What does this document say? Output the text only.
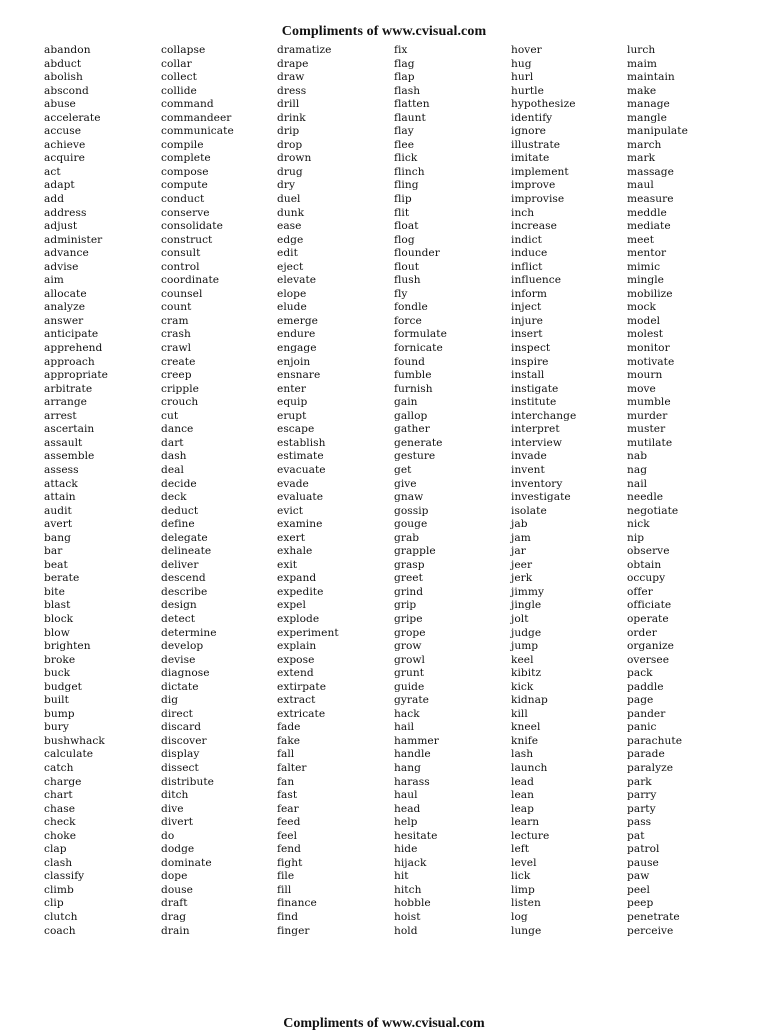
Compliments of www.cvisual.com
abandon
abduct
abolish
abscond
abuse
accelerate
accuse
achieve
acquire
act
adapt
add
address
adjust
administer
advance
advise
aim
allocate
analyze
answer
anticipate
apprehend
approach
appropriate
arbitrate
arrange
arrest
ascertain
assault
assemble
assess
attack
attain
audit
avert
bang
bar
beat
berate
bite
blast
block
blow
brighten
broke
buck
budget
built
bump
bury
bushwhack
calculate
catch
charge
chart
chase
check
choke
clap
clash
classify
climb
clip
clutch
coach
collapse
collar
collect
collide
command
commandeer
communicate
compile
complete
compose
compute
conduct
conserve
consolidate
construct
consult
control
coordinate
counsel
count
cram
crash
crawl
create
creep
cripple
crouch
cut
dance
dart
dash
deal
decide
deck
deduct
define
delegate
delineate
deliver
descend
describe
design
detect
determine
develop
devise
diagnose
dictate
dig
direct
discard
discover
display
dissect
distribute
ditch
dive
divert
do
dodge
dominate
dope
douse
draft
drag
drain
dramatize
drape
draw
dress
drill
drink
drip
drop
drown
drug
dry
duel
dunk
ease
edge
edit
eject
elevate
elope
elude
emerge
endure
engage
enjoin
ensnare
enter
equip
erupt
escape
establish
estimate
evacuate
evade
evaluate
evict
examine
exert
exhale
exit
expand
expedite
expel
explode
experiment
explain
expose
extend
extirpate
extract
extricate
fade
fake
fall
falter
fan
fast
fear
feed
feel
fend
fight
file
fill
finance
find
finger
fix
flag
flap
flash
flatten
flaunt
flay
flee
flick
flinch
fling
flip
flit
float
flog
flounder
flout
flush
fly
fondle
force
formulate
fornicate
found
fumble
furnish
gain
gallop
gather
generate
gesture
get
give
gnaw
gossip
gouge
grab
grapple
grasp
greet
grind
grip
gripe
grope
grow
growl
grunt
guide
gyrate
hack
hail
hammer
handle
hang
harass
haul
head
help
hesitate
hide
hijack
hit
hitch
hobble
hoist
hold
hover
hug
hurl
hurtle
hypothesize
identify
ignore
illustrate
imitate
implement
improve
improvise
inch
increase
indict
induce
inflict
influence
inform
inject
injure
insert
inspect
inspire
install
instigate
institute
interchange
interpret
interview
invade
invent
inventory
investigate
isolate
jab
jam
jar
jeer
jerk
jimmy
jingle
jolt
judge
jump
keel
kibitz
kick
kidnap
kill
kneel
knife
lash
launch
lead
lean
leap
learn
lecture
left
level
lick
limp
listen
log
lunge
lurch
maim
maintain
make
manage
mangle
manipulate
march
mark
massage
maul
measure
meddle
mediate
meet
mentor
mimic
mingle
mobilize
mock
model
molest
monitor
motivate
mourn
move
mumble
murder
muster
mutilate
nab
nag
nail
needle
negotiate
nick
nip
observe
obtain
occupy
offer
officiate
operate
order
organize
oversee
pack
paddle
page
pander
panic
parachute
parade
paralyze
park
parry
party
pass
pat
patrol
pause
paw
peel
peep
penetrate
perceive
Compliments of www.cvisual.com
